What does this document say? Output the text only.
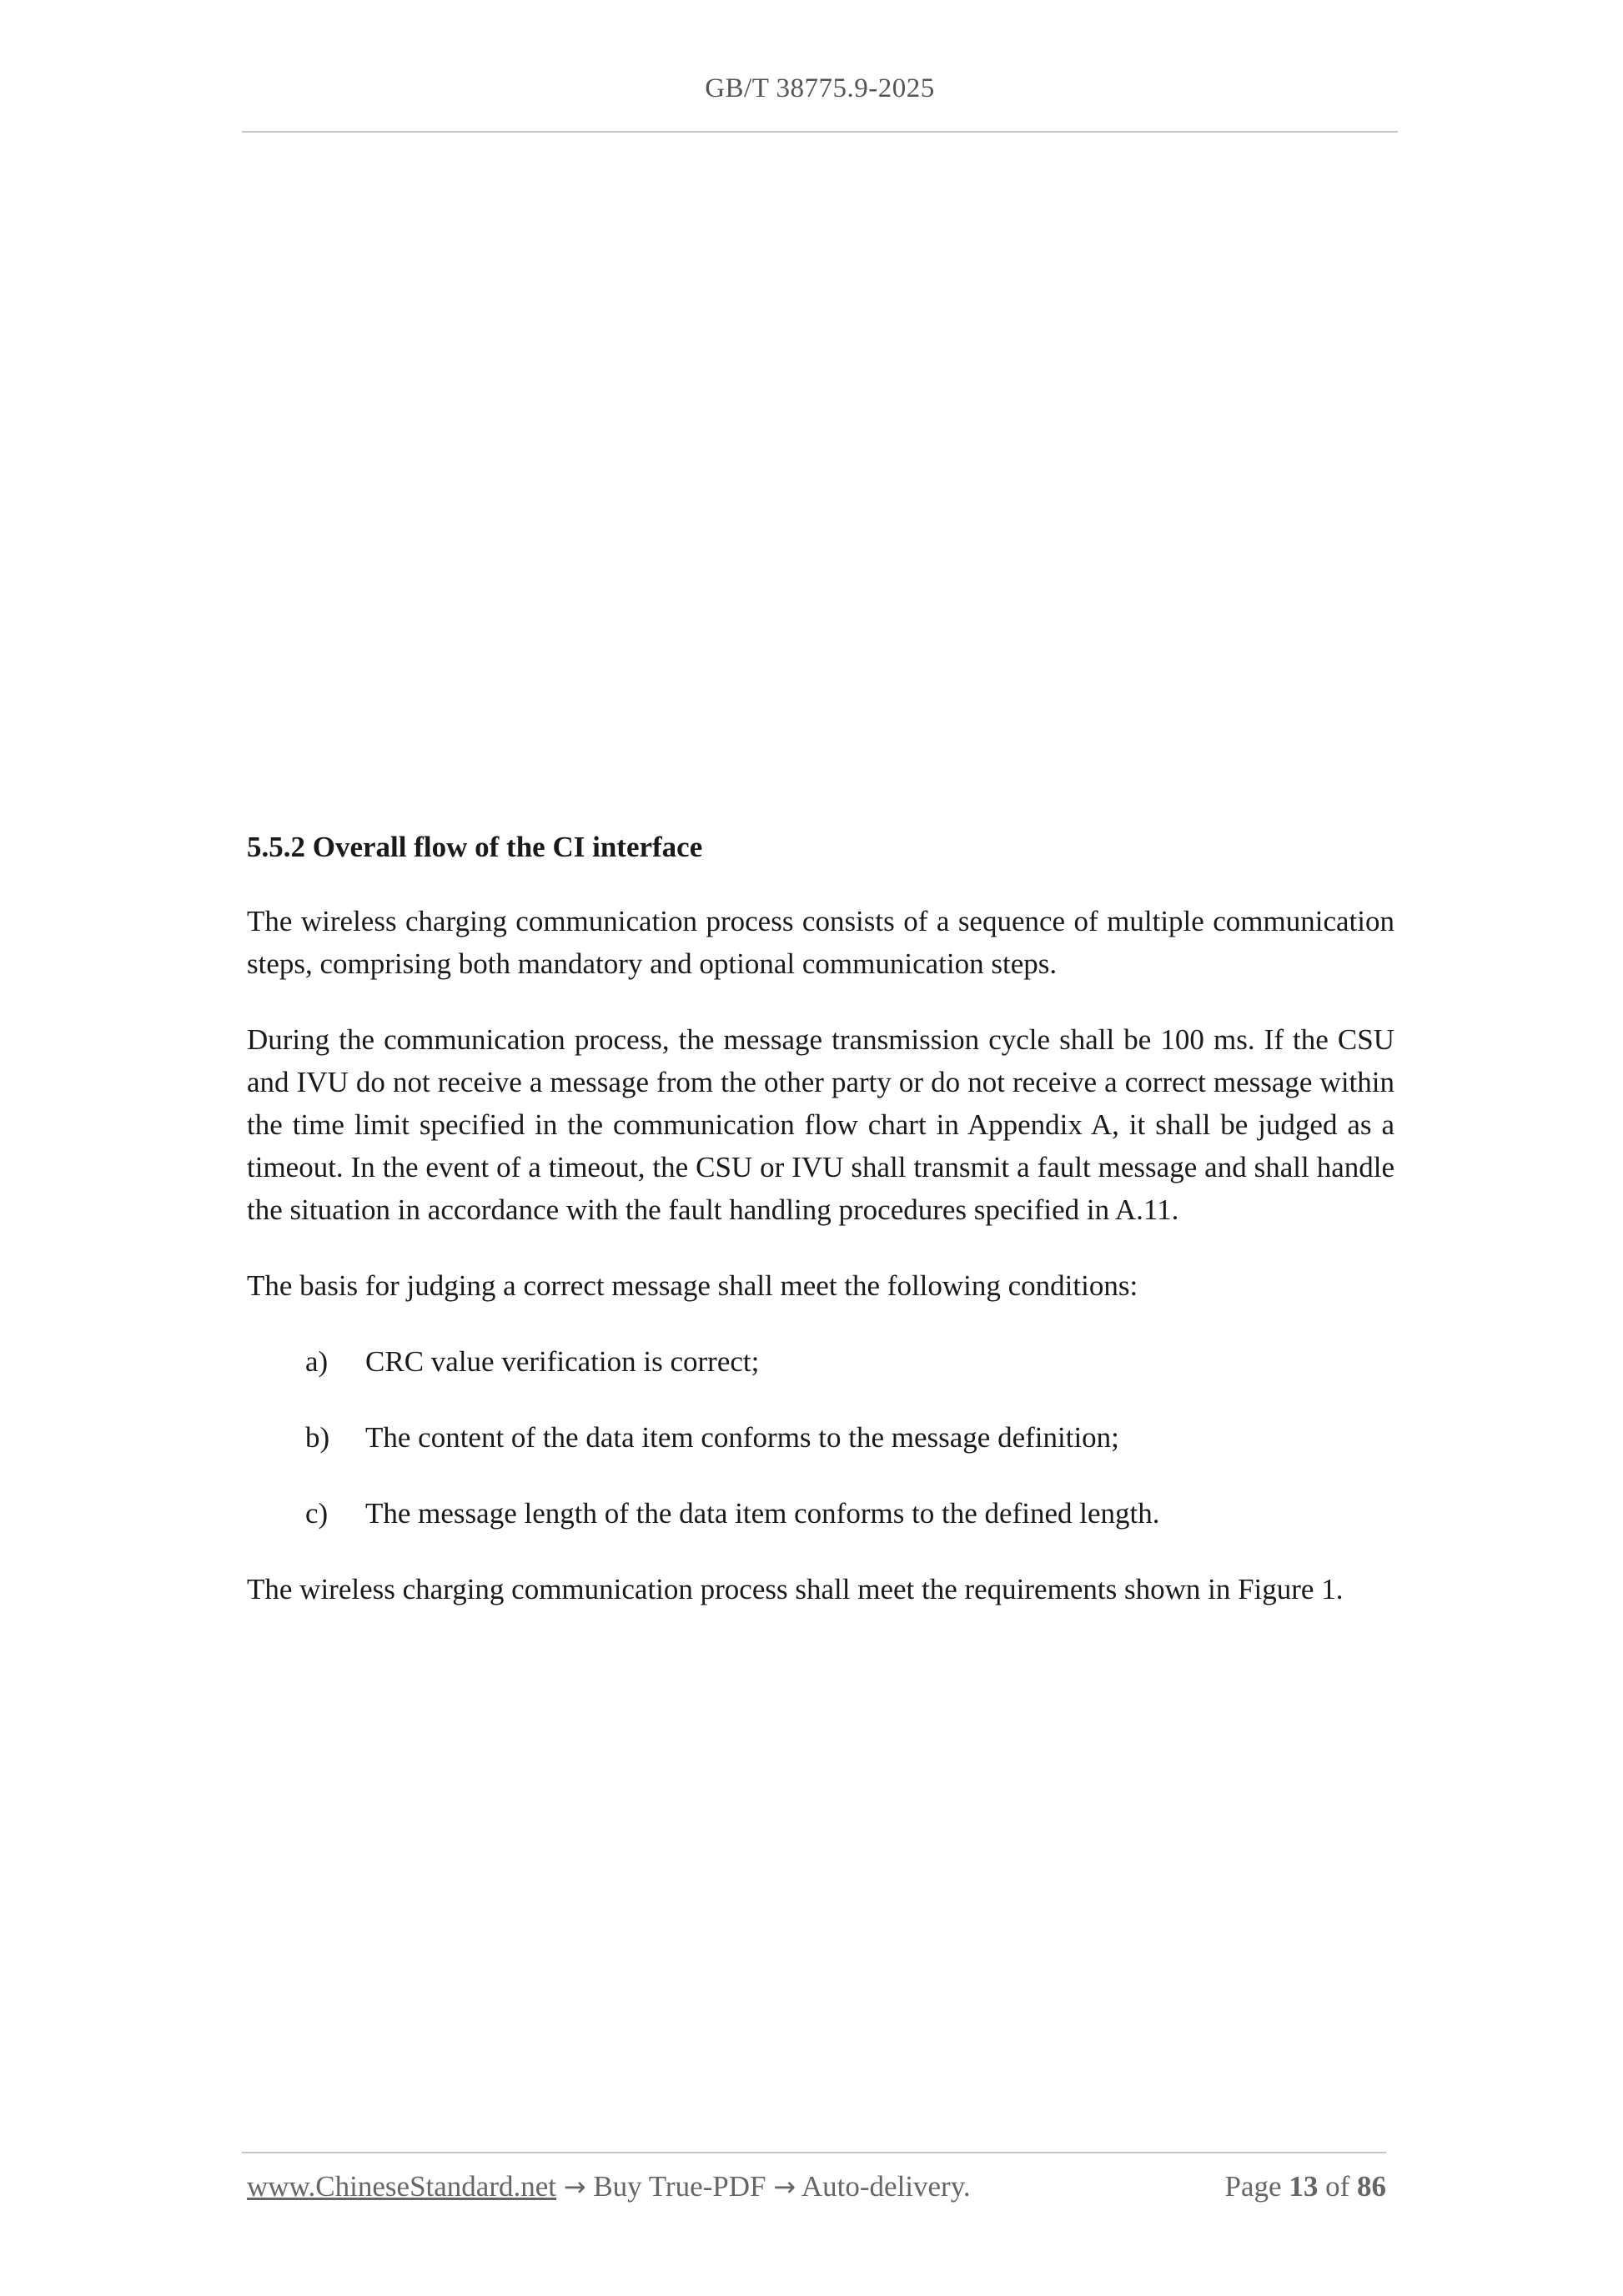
GB/T 38775.9-2025
5.5.2 Overall flow of the CI interface

The wireless charging communication process consists of a sequence of multiple communication steps, comprising both mandatory and optional communication steps.

During the communication process, the message transmission cycle shall be 100 ms. If the CSU and IVU do not receive a message from the other party or do not receive a correct message within the time limit specified in the communication flow chart in Appendix A, it shall be judged as a timeout. In the event of a timeout, the CSU or IVU shall transmit a fault message and shall handle the situation in accordance with the fault handling procedures specified in A.11.

The basis for judging a correct message shall meet the following conditions:

a) CRC value verification is correct;
b) The content of the data item conforms to the message definition;
c) The message length of the data item conforms to the defined length.

The wireless charging communication process shall meet the requirements shown in Figure 1.

www.ChineseStandard.net → Buy True-PDF → Auto-delivery.	Page 13 of 86
